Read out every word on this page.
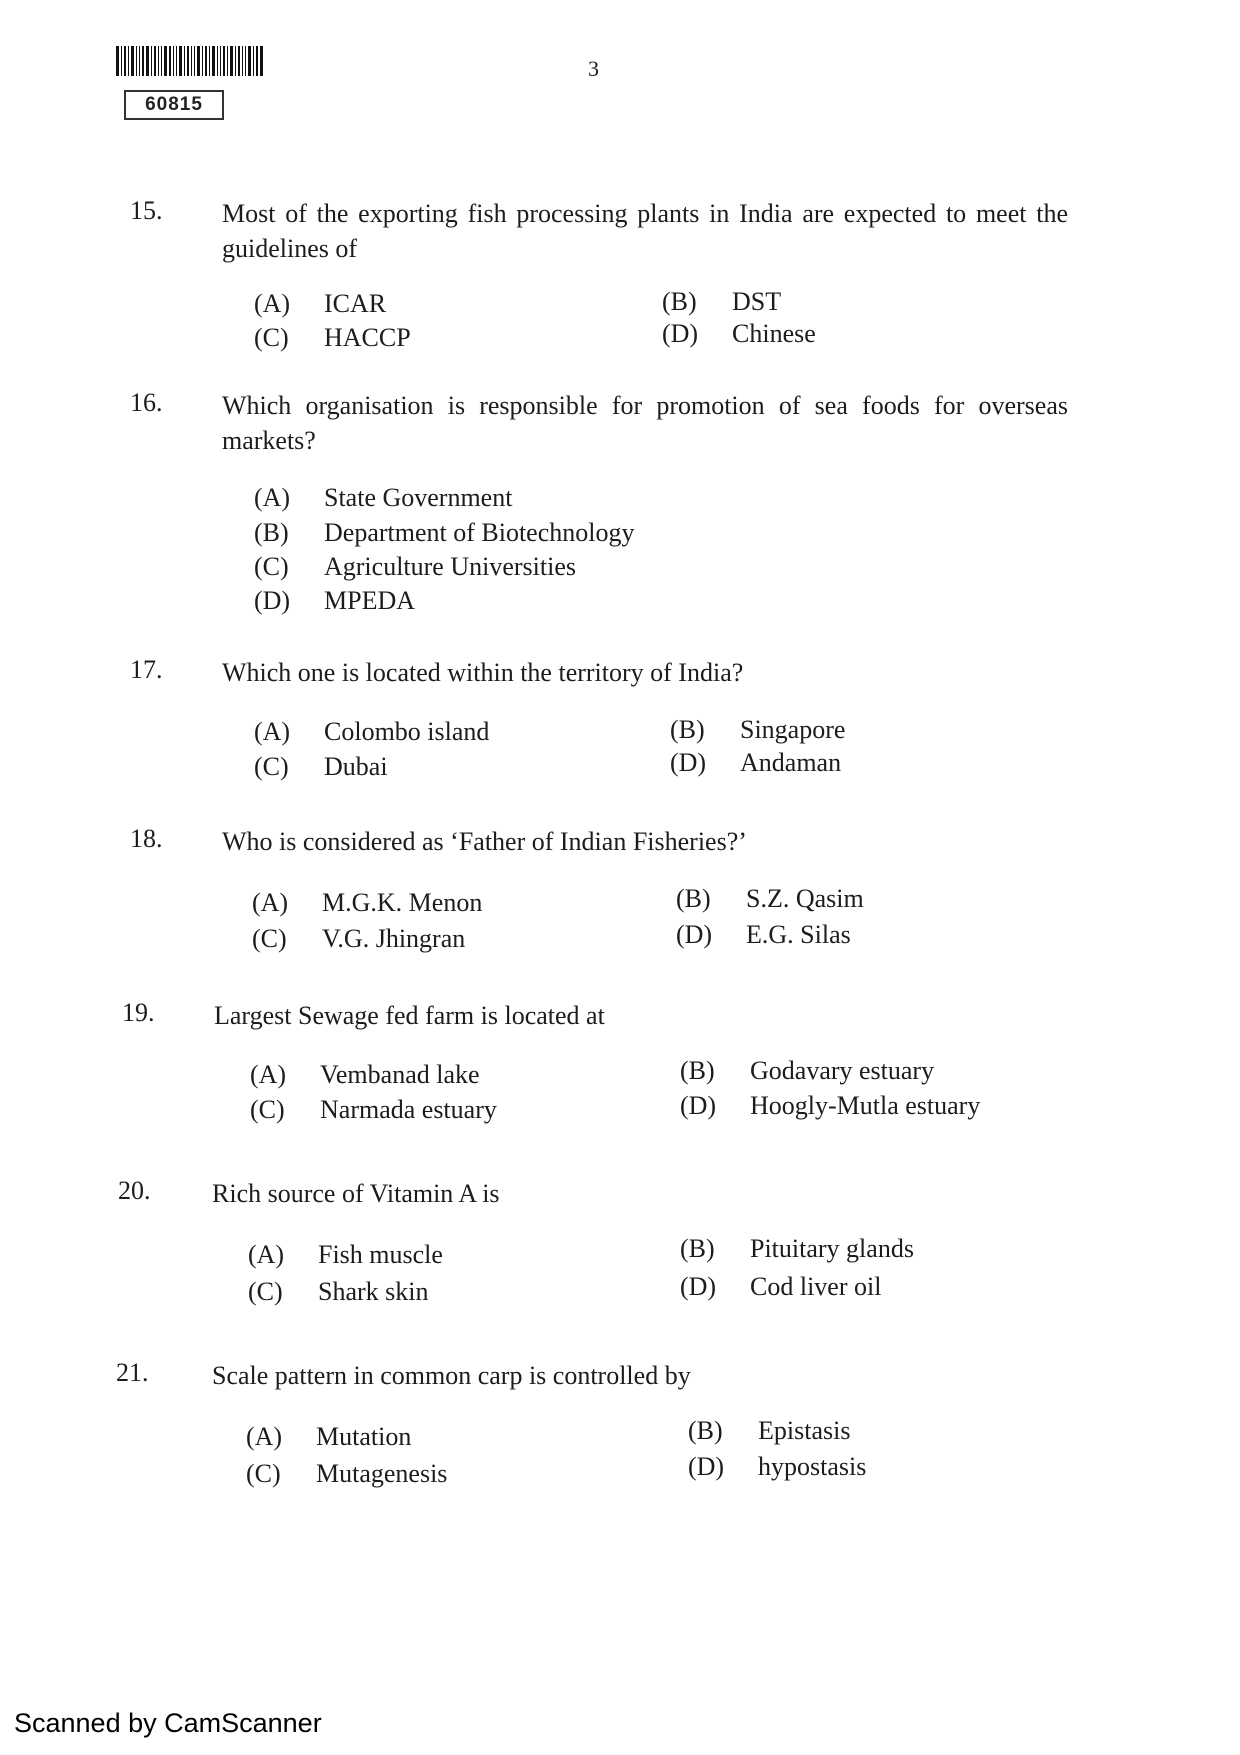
60815
3
15. Most of the exporting fish processing plants in India are expected to meet the guidelines of
(A) ICAR	(B) DST
(C) HACCP	(D) Chinese
16. Which organisation is responsible for promotion of sea foods for overseas markets?
(A) State Government
(B) Department of Biotechnology
(C) Agriculture Universities
(D) MPEDA
17. Which one is located within the territory of India?
(A) Colombo island	(B) Singapore
(C) Dubai	(D) Andaman
18. Who is considered as ‘Father of Indian Fisheries?’
(A) M.G.K. Menon	(B) S.Z. Qasim
(C) V.G. Jhingran	(D) E.G. Silas
19. Largest Sewage fed farm is located at
(A) Vembanad lake	(B) Godavary estuary
(C) Narmada estuary	(D) Hoogly-Mutla estuary
20. Rich source of Vitamin A is
(A) Fish muscle	(B) Pituitary glands
(C) Shark skin	(D) Cod liver oil
21. Scale pattern in common carp is controlled by
(A) Mutation	(B) Epistasis
(C) Mutagenesis	(D) hypostasis
Scanned by CamScanner
